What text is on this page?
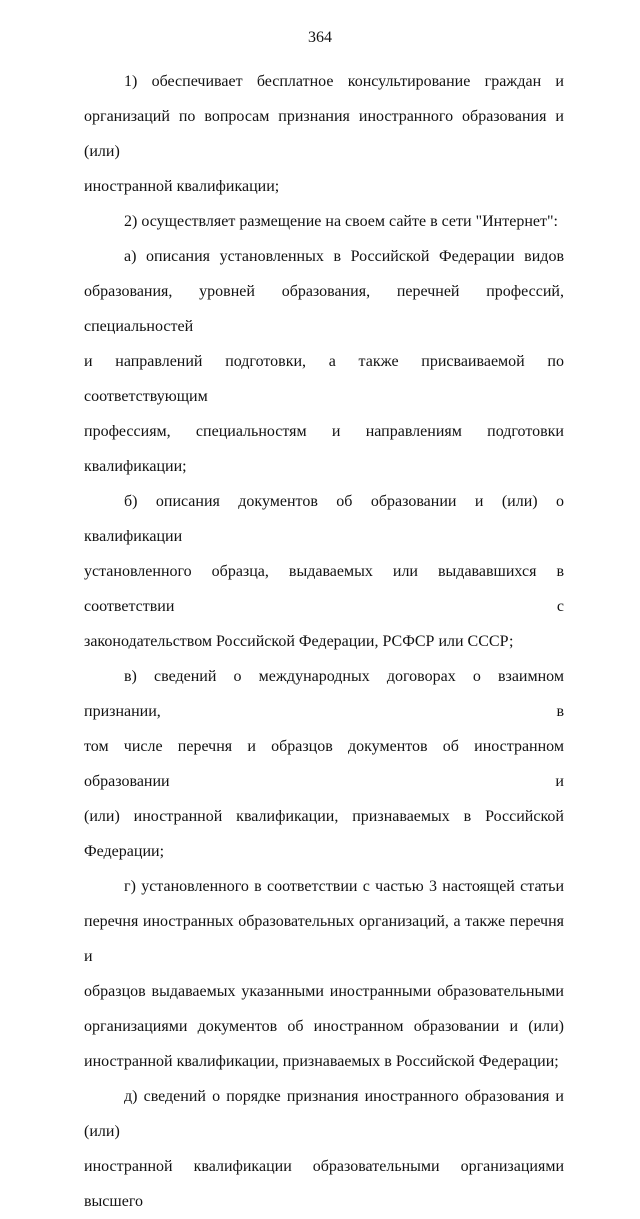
364

1) обеспечивает бесплатное консультирование граждан и

организаций по вопросам признания иностранного образования и (или)

иностранной квалификации;

2) осуществляет размещение на своем сайте в сети "Интернет":

а) описания установленных в Российской Федерации видов

образования, уровней образования, перечней профессий, специальностей

и направлений подготовки, а также присваиваемой по соответствующим

профессиям, специальностям и направлениям подготовки квалификации;

б) описания документов об образовании и (или) о квалификации

установленного образца, выдаваемых или выдававшихся в соответствии с

законодательством Российской Федерации, РСФСР или СССР;

в) сведений о международных договорах о взаимном признании, в

том числе перечня и образцов документов об иностранном образовании и

(или) иностранной квалификации, признаваемых в Российской

Федерации;

г) установленного в соответствии с частью 3 настоящей статьи

перечня иностранных образовательных организаций, а также перечня и

образцов выдаваемых указанными иностранными образовательными

организациями документов об иностранном образовании и (или)

иностранной квалификации, признаваемых в Российской Федерации;

д) сведений о порядке признания иностранного образования и (или)

иностранной квалификации образовательными организациями высшего
